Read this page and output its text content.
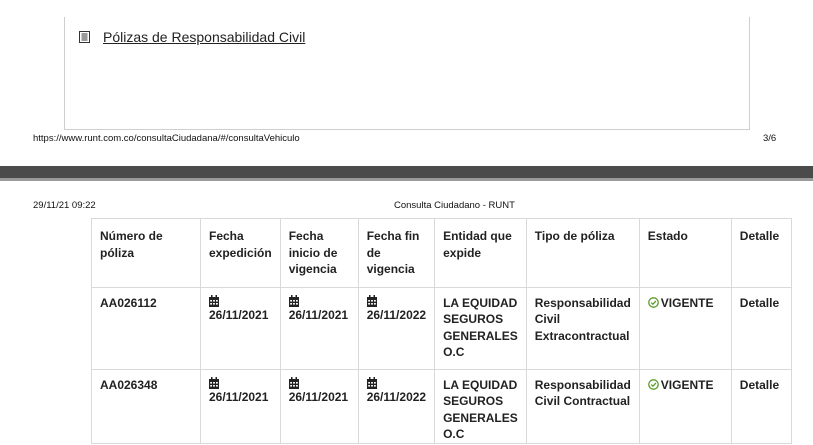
Pólizas de Responsabilidad Civil
https://www.runt.com.co/consultaCiudadana/#/consultaVehiculo	3/6
29/11/21 09:22	Consulta Ciudadano - RUNT
Número de póliza	Fecha expedición	Fecha inicio de vigencia	Fecha fin de vigencia	Entidad que expide	Tipo de póliza	Estado	Detalle
AA026112	26/11/2021	26/11/2021	26/11/2022	LA EQUIDAD SEGUROS GENERALES O.C	Responsabilidad Civil Extracontractual	VIGENTE	Detalle
AA026348	26/11/2021	26/11/2021	26/11/2022	LA EQUIDAD SEGUROS GENERALES O.C	Responsabilidad Civil Contractual	VIGENTE	Detalle
